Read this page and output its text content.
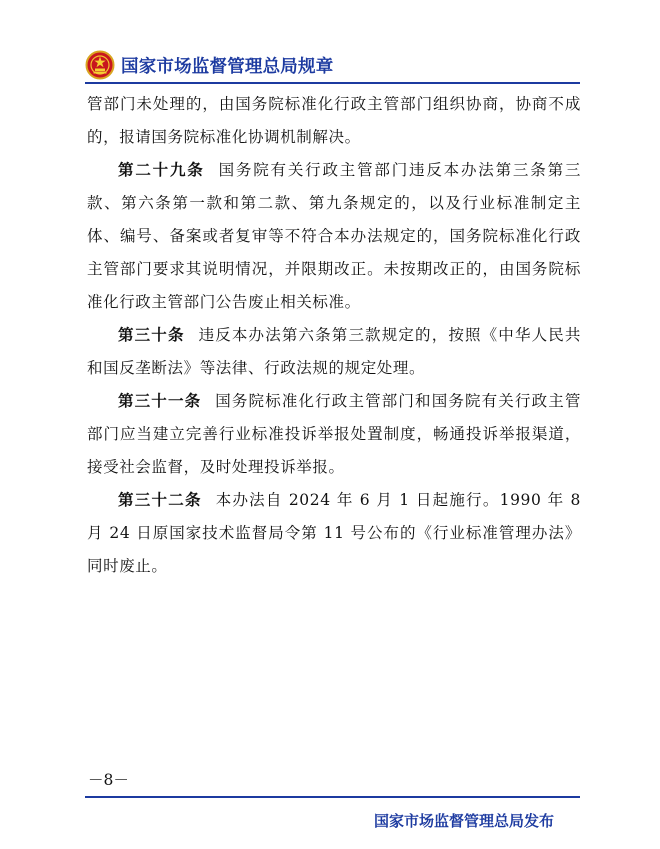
国家市场监督管理总局规章

管部门未处理的，由国务院标准化行政主管部门组织协商，协商不成的，报请国务院标准化协调机制解决。

第二十九条 国务院有关行政主管部门违反本办法第三条第三款、第六条第一款和第二款、第九条规定的，以及行业标准制定主体、编号、备案或者复审等不符合本办法规定的，国务院标准化行政主管部门要求其说明情况，并限期改正。未按期改正的，由国务院标准化行政主管部门公告废止相关标准。

第三十条 违反本办法第六条第三款规定的，按照《中华人民共和国反垄断法》等法律、行政法规的规定处理。

第三十一条 国务院标准化行政主管部门和国务院有关行政主管部门应当建立完善行业标准投诉举报处置制度，畅通投诉举报渠道，接受社会监督，及时处理投诉举报。

第三十二条 本办法自 2024 年 6 月 1 日起施行。1990 年 8 月 24 日原国家技术监督局令第 11 号公布的《行业标准管理办法》同时废止。

－8－
国家市场监督管理总局发布
